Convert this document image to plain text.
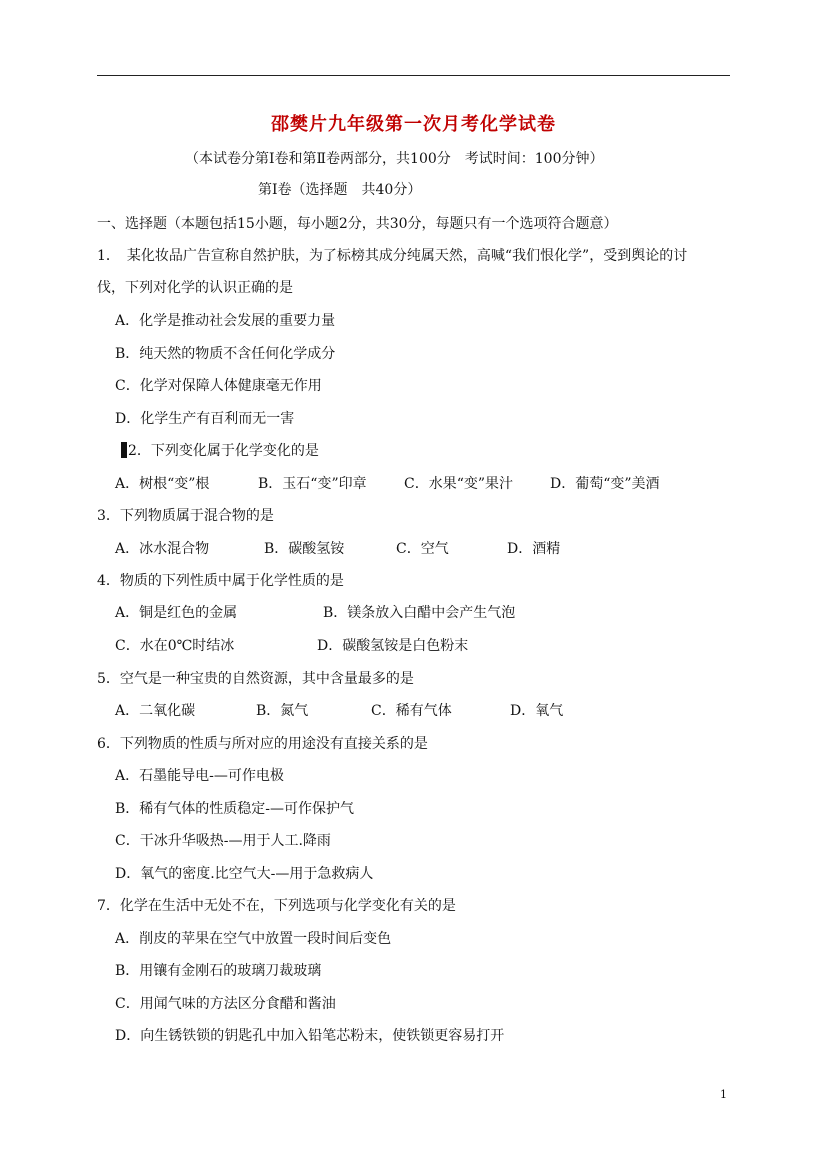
邵樊片九年级第一次月考化学试卷
（本试卷分第Ⅰ卷和第Ⅱ卷两部分，共100分　考试时间：100分钟）
第Ⅰ卷（选择题　共40分）
一、选择题（本题包括15小题，每小题2分，共30分，每题只有一个选项符合题意）
1．　某化妆品广告宣称自然护肤，为了标榜其成分纯属天然，高喊“我们恨化学”，受到舆论的讨
伐，下列对化学的认识正确的是
A．化学是推动社会发展的重要力量
B．纯天然的物质不含任何化学成分
C．化学对保障人体健康毫无作用
D．化学生产有百利而无一害
2．下列变化属于化学变化的是
A．树根“变”根	B．玉石“变”印章	C．水果“变”果汁	D．葡萄“变”美酒
3．下列物质属于混合物的是
A．冰水混合物	B．碳酸氢铵	C．空气	D．酒精
4．物质的下列性质中属于化学性质的是
A．铜是红色的金属	B．镁条放入白醋中会产生气泡
C．水在0℃时结冰	D．碳酸氢铵是白色粉末
5．空气是一种宝贵的自然资源，其中含量最多的是
A．二氧化碳	B．氮气	C．稀有气体	D．氧气
6．下列物质的性质与所对应的用途没有直接关系的是
A．石墨能导电-—可作电极
B．稀有气体的性质稳定-—可作保护气
C．干冰升华吸热-—用于人工.降雨
D．氧气的密度.比空气大-—用于急救病人
7．化学在生活中无处不在，下列选项与化学变化有关的是
A．削皮的苹果在空气中放置一段时间后变色
B．用镶有金刚石的玻璃刀裁玻璃
C．用闻气味的方法区分食醋和酱油
D．向生锈铁锁的钥匙孔中加入铅笔芯粉末，使铁锁更容易打开
1
